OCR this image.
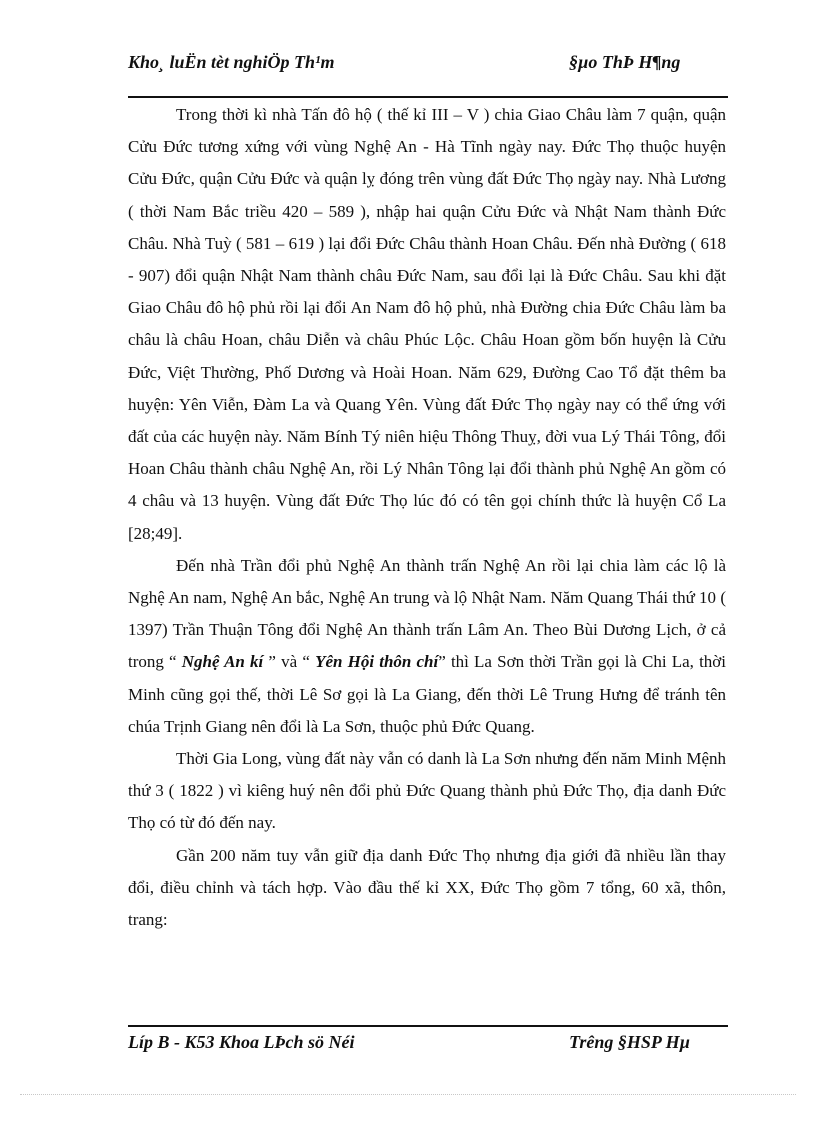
Kho¸ luËn tèt nghiÖp Th¹m	§µo ThÞ H¶ng

Trong thời kì nhà Tấn đô hộ ( thế kỉ III – V ) chia Giao Châu làm 7 quận, quận Cửu Đức tương xứng với vùng Nghệ An - Hà Tĩnh ngày nay. Đức Thọ thuộc huyện Cửu Đức, quận Cửu Đức và quận lỵ đóng trên vùng đất Đức Thọ ngày nay. Nhà Lương ( thời Nam Bắc triều 420 – 589 ), nhập hai quận Cửu Đức và Nhật Nam thành Đức Châu. Nhà Tuỳ ( 581 – 619 ) lại đổi Đức Châu thành Hoan Châu. Đến nhà Đường ( 618 - 907) đổi quận Nhật Nam thành châu Đức Nam, sau đổi lại là Đức Châu. Sau khi đặt Giao Châu đô hộ phủ rồi lại đổi An Nam đô hộ phủ, nhà Đường chia Đức Châu làm ba châu là châu Hoan, châu Diễn và châu Phúc Lộc. Châu Hoan gồm bốn huyện là Cửu Đức, Việt Thường, Phố Dương và Hoài Hoan. Năm 629, Đường Cao Tổ đặt thêm ba huyện: Yên Viễn, Đàm La và Quang Yên. Vùng đất Đức Thọ ngày nay có thể ứng với đất của các huyện này. Năm Bính Tý niên hiệu Thông Thuỵ, đời vua Lý Thái Tông, đổi Hoan Châu thành châu Nghệ An, rồi Lý Nhân Tông lại đổi thành phủ Nghệ An gồm có 4 châu và 13 huyện. Vùng đất Đức Thọ lúc đó có tên gọi chính thức là huyện Cổ La [28;49].

Đến nhà Trần đổi phủ Nghệ An thành trấn Nghệ An rồi lại chia làm các lộ là Nghệ An nam, Nghệ An bắc, Nghệ An trung và lộ Nhật Nam. Năm Quang Thái thứ 10 ( 1397) Trần Thuận Tông đổi Nghệ An thành trấn Lâm An. Theo Bùi Dương Lịch, ở cả trong “ Nghệ An kí ” và “ Yên Hội thôn chí” thì La Sơn thời Trần gọi là Chi La, thời Minh cũng gọi thế, thời Lê Sơ gọi là La Giang, đến thời Lê Trung Hưng để tránh tên chúa Trịnh Giang nên đổi là La Sơn, thuộc phủ Đức Quang.

Thời Gia Long, vùng đất này vẫn có danh là La Sơn nhưng đến năm Minh Mệnh thứ 3 ( 1822 ) vì kiêng huý nên đổi phủ Đức Quang thành phủ Đức Thọ, địa danh Đức Thọ có từ đó đến nay.

Gần 200 năm tuy vẫn giữ địa danh Đức Thọ nhưng địa giới đã nhiều lần thay đổi, điều chỉnh và tách hợp. Vào đầu thế kỉ XX, Đức Thọ gồm 7 tổng, 60 xã, thôn, trang:

Líp B - K53 Khoa LÞch sö Néi	Trêng §HSP Hµ
